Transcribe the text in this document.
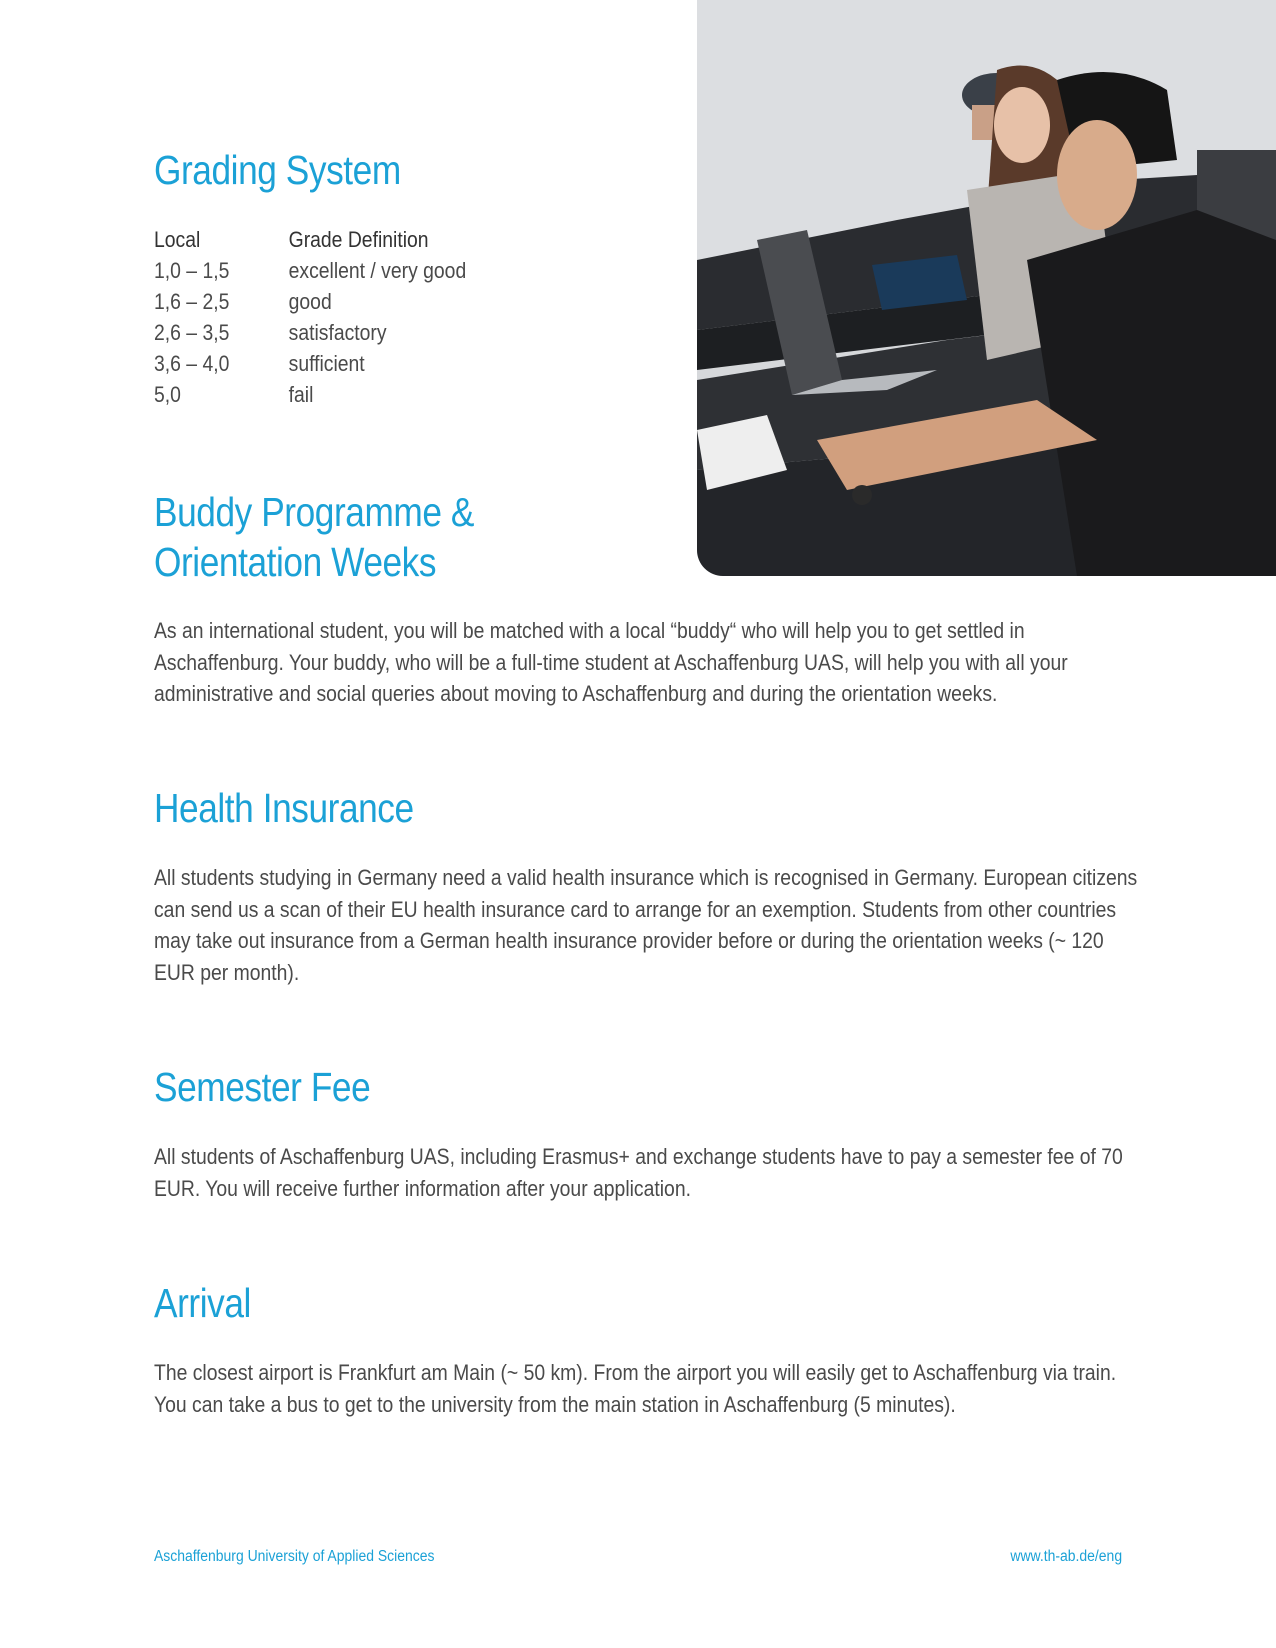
Grading System
Local	Grade Definition
1,0 – 1,5	excellent / very good
1,6 – 2,5	good
2,6 – 3,5	satisfactory
3,6 – 4,0	sufficient
5,0	fail
Buddy Programme &
Orientation Weeks

As an international student, you will be matched with a local “buddy“ who will help you to get settled in Aschaffenburg. Your buddy, who will be a full-time student at Aschaffenburg UAS, will help you with all your administrative and social queries about moving to Aschaffenburg and during the orientation weeks.

Health Insurance

All students studying in Germany need a valid health insurance which is recognised in Germany. European citizens can send us a scan of their EU health insurance card to arrange for an exemption. Students from other countries may take out insurance from a German health insurance provider before or during the orientation weeks (~ 120 EUR per month).

Semester Fee

All students of Aschaffenburg UAS, including Erasmus+ and exchange students have to pay a semester fee of 70 EUR. You will receive further information after your application.

Arrival

The closest airport is Frankfurt am Main (~ 50 km). From the airport you will easily get to Aschaffenburg via train. You can take a bus to get to the university from the main station in Aschaffenburg (5 minutes).

Aschaffenburg University of Applied Sciences	www.th-ab.de/eng
